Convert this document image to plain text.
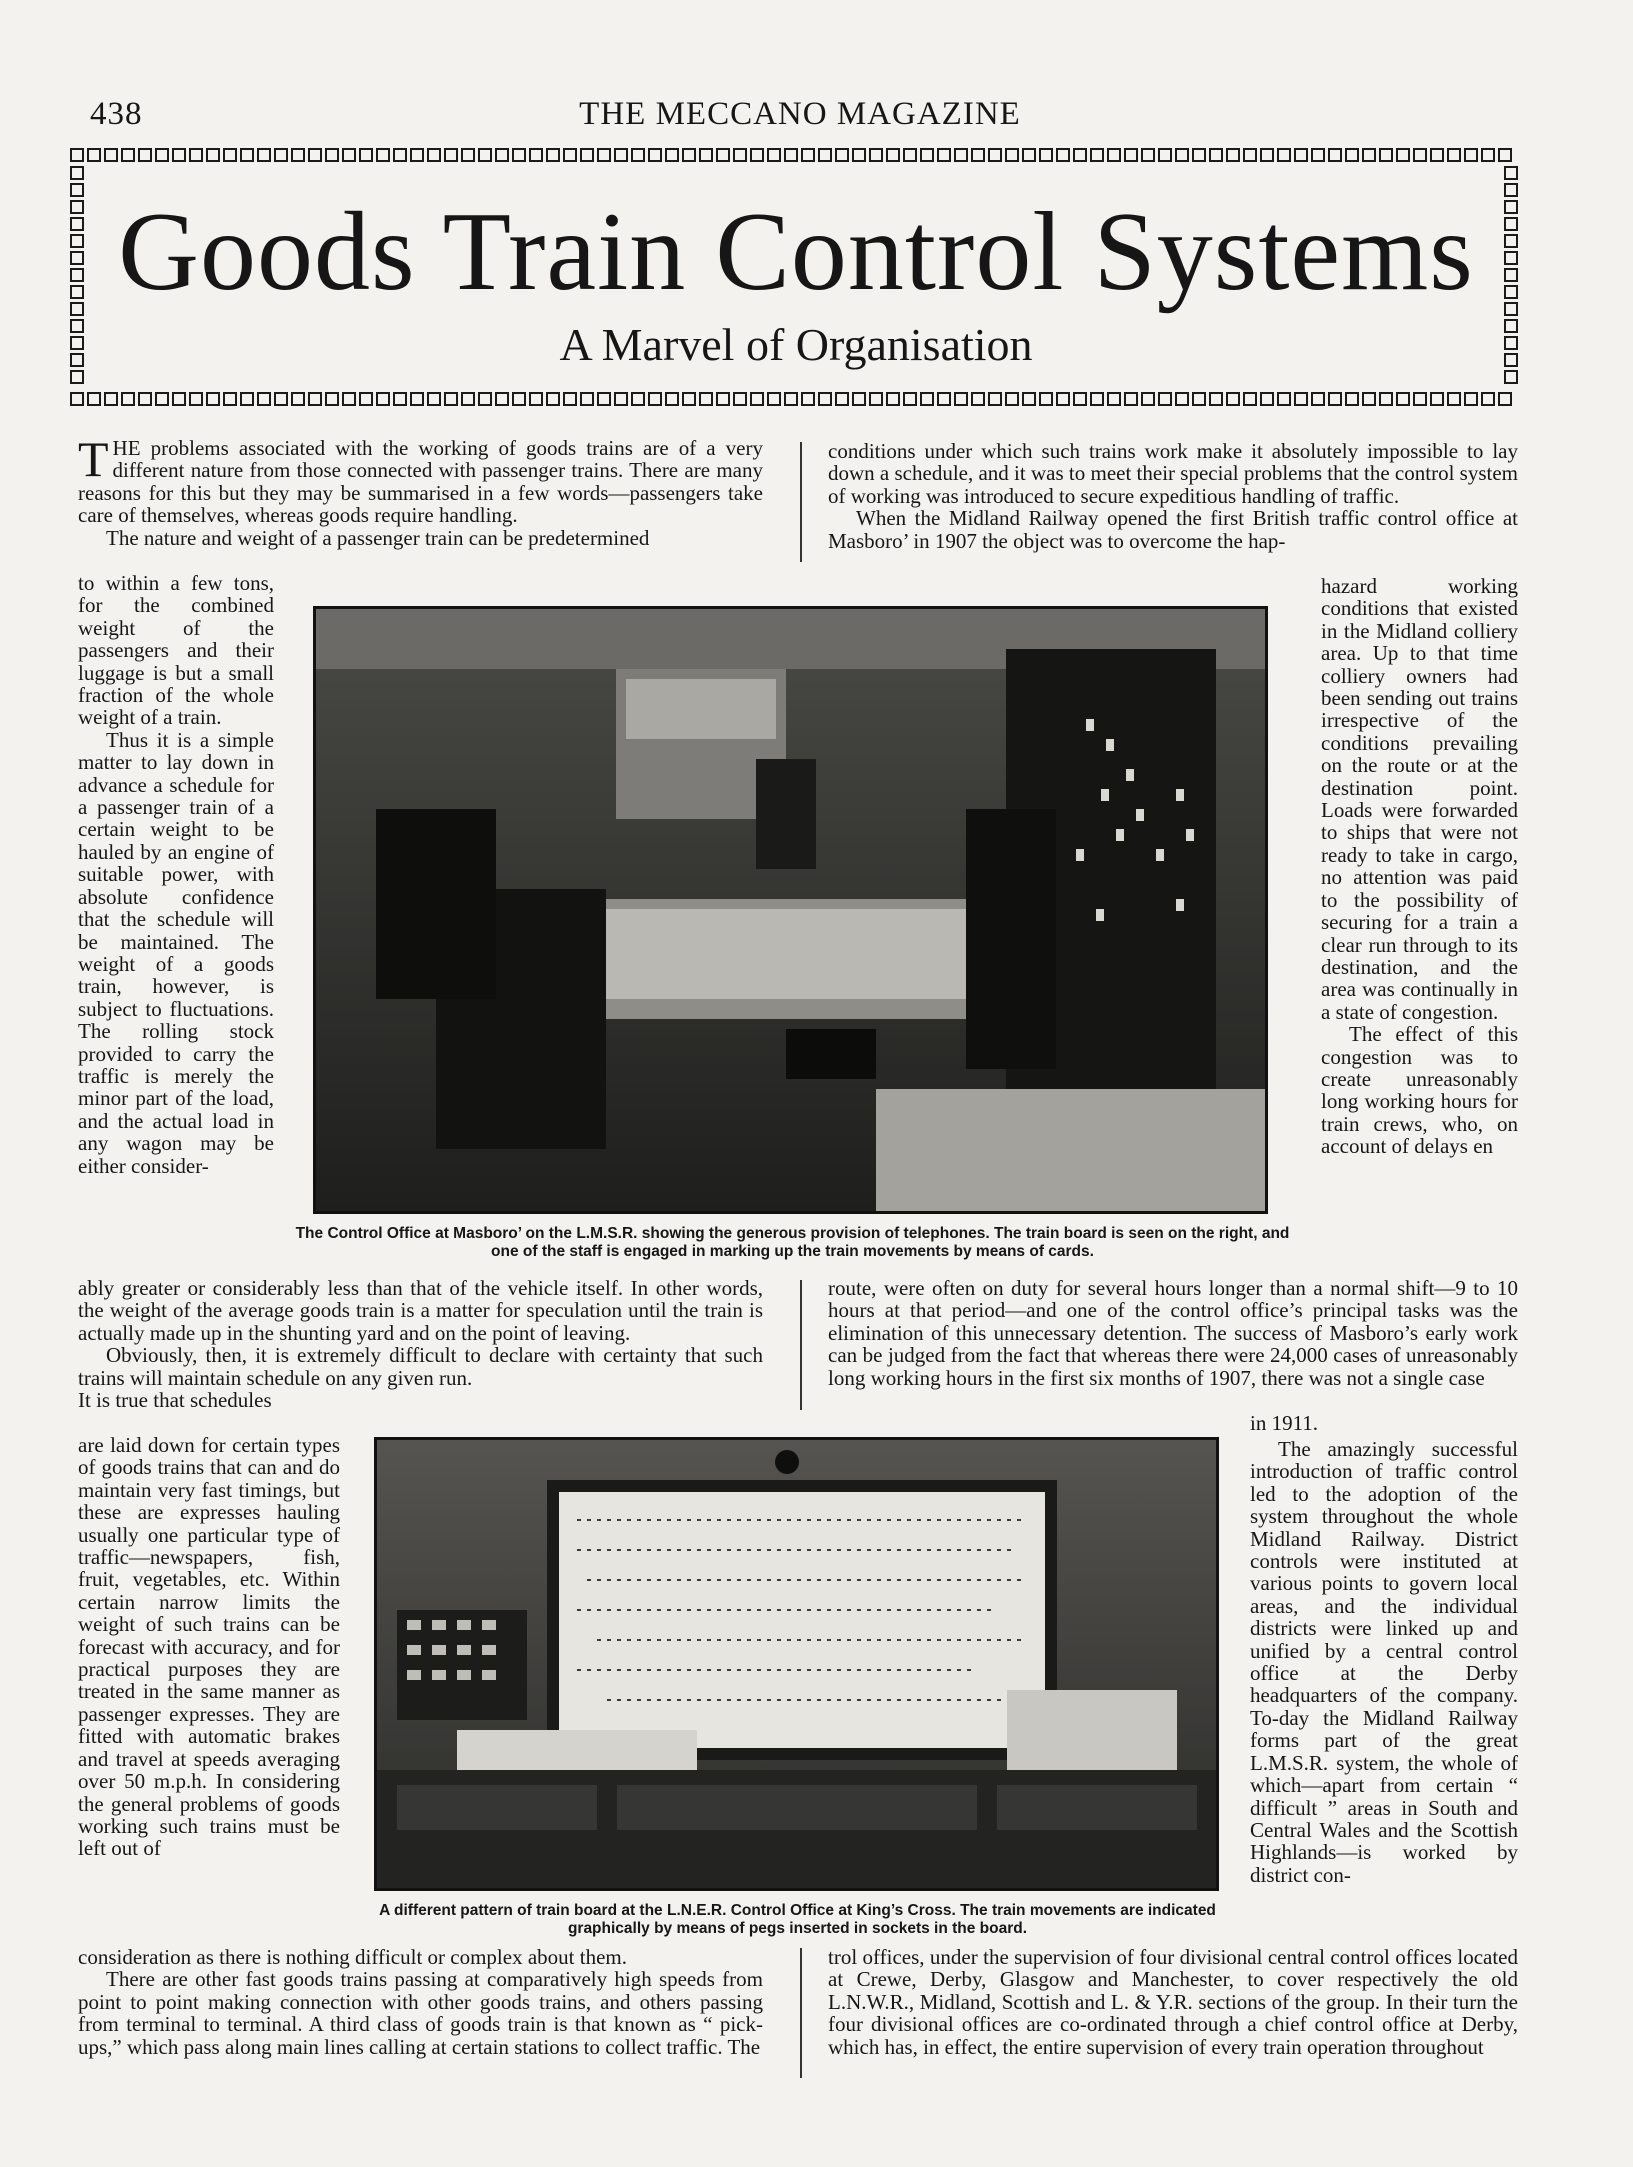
438	THE MECCANO MAGAZINE
Goods Train Control Systems
A Marvel of Organisation

THE problems associated with the working of goods trains are of a very different nature from those connected with passenger trains. There are many reasons for this but they may be summarised in a few words—passengers take care of themselves, whereas goods require handling.

The nature and weight of a passenger train can be predetermined

to within a few tons, for the combined weight of the passengers and their luggage is but a small fraction of the whole weight of a train.

Thus it is a simple matter to lay down in advance a schedule for a passenger train of a certain weight to be hauled by an engine of suitable power, with absolute confidence that the schedule will be maintained. The weight of a goods train, however, is subject to fluctuations. The rolling stock provided to carry the traffic is merely the minor part of the load, and the actual load in any wagon may be either consider-

The Control Office at Masboro’ on the L.M.S.R. showing the generous provision of telephones. The train board is seen on the right, and one of the staff is engaged in marking up the train movements by means of cards.

hazard working conditions that existed in the Midland colliery area. Up to that time colliery owners had been sending out trains irrespective of the conditions prevailing on the route or at the destination point. Loads were forwarded to ships that were not ready to take in cargo, no attention was paid to the possibility of securing for a train a clear run through to its destination, and the area was continually in a state of congestion.

The effect of this congestion was to create unreasonably long working hours for train crews, who, on account of delays en

conditions under which such trains work make it absolutely impossible to lay down a schedule, and it was to meet their special problems that the control system of working was introduced to secure expeditious handling of traffic.

When the Midland Railway opened the first British traffic control office at Masboro’ in 1907 the object was to overcome the hap-

ably greater or considerably less than that of the vehicle itself. In other words, the weight of the average goods train is a matter for speculation until the train is actually made up in the shunting yard and on the point of leaving.

Obviously, then, it is extremely difficult to declare with certainty that such trains will maintain schedule on any given run.

It is true that schedules

route, were often on duty for several hours longer than a normal shift—9 to 10 hours at that period—and one of the control office’s principal tasks was the elimination of this unnecessary detention. The success of Masboro’s early work can be judged from the fact that whereas there were 24,000 cases of unreasonably long working hours in the first six months of 1907, there was not a single case

in 1911.

are laid down for certain types of goods trains that can and do maintain very fast timings, but these are expresses hauling usually one particular type of traffic—newspapers, fish, fruit, vegetables, etc. Within certain narrow limits the weight of such trains can be forecast with accuracy, and for practical purposes they are treated in the same manner as passenger expresses. They are fitted with automatic brakes and travel at speeds averaging over 50 m.p.h. In considering the general problems of goods working such trains must be left out of

A different pattern of train board at the L.N.E.R. Control Office at King’s Cross. The train movements are indicated graphically by means of pegs inserted in sockets in the board.

The amazingly successful introduction of traffic control led to the adoption of the system throughout the whole Midland Railway. District controls were instituted at various points to govern local areas, and the individual districts were linked up and unified by a central control office at the Derby headquarters of the company. To-day the Midland Railway forms part of the great L.M.S.R. system, the whole of which—apart from certain “ difficult ” areas in South and Central Wales and the Scottish Highlands—is worked by district con-

consideration as there is nothing difficult or complex about them.

There are other fast goods trains passing at comparatively high speeds from point to point making connection with other goods trains, and others passing from terminal to terminal. A third class of goods train is that known as “ pick-ups,” which pass along main lines calling at certain stations to collect traffic. The

trol offices, under the supervision of four divisional central control offices located at Crewe, Derby, Glasgow and Manchester, to cover respectively the old L.N.W.R., Midland, Scottish and L. & Y.R. sections of the group. In their turn the four divisional offices are co-ordinated through a chief control office at Derby, which has, in effect, the entire supervision of every train operation throughout
